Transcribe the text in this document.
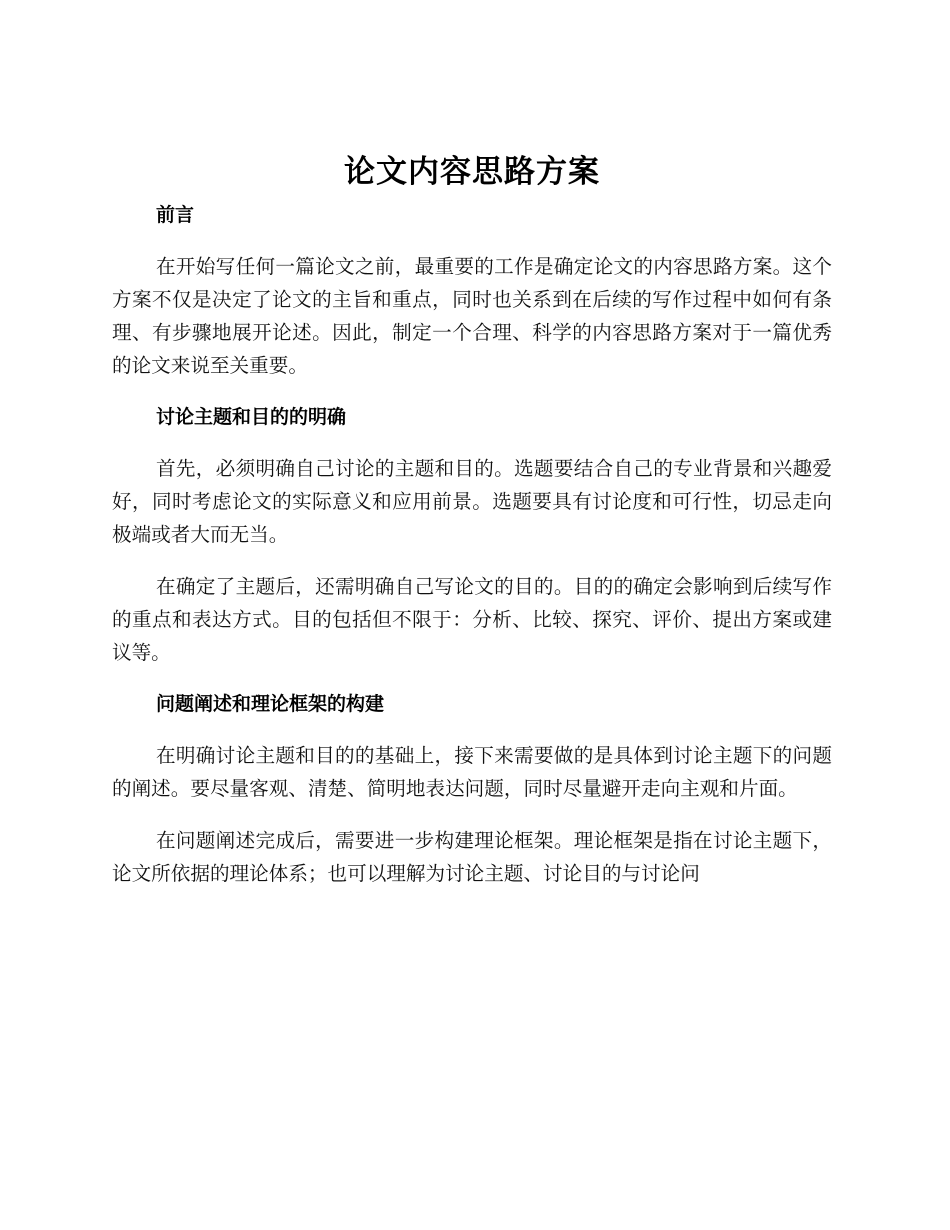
论文内容思路方案
前言

在开始写任何一篇论文之前，最重要的工作是确定论文的内容思路方案。这个方案不仅是决定了论文的主旨和重点，同时也关系到在后续的写作过程中如何有条理、有步骤地展开论述。因此，制定一个合理、科学的内容思路方案对于一篇优秀的论文来说至关重要。

讨论主题和目的的明确

首先，必须明确自己讨论的主题和目的。选题要结合自己的专业背景和兴趣爱好，同时考虑论文的实际意义和应用前景。选题要具有讨论度和可行性，切忌走向极端或者大而无当。

在确定了主题后，还需明确自己写论文的目的。目的的确定会影响到后续写作的重点和表达方式。目的包括但不限于：分析、比较、探究、评价、提出方案或建议等。

问题阐述和理论框架的构建

在明确讨论主题和目的的基础上，接下来需要做的是具体到讨论主题下的问题的阐述。要尽量客观、清楚、简明地表达问题，同时尽量避开走向主观和片面。

在问题阐述完成后，需要进一步构建理论框架。理论框架是指在讨论主题下，论文所依据的理论体系；也可以理解为讨论主题、讨论目的与讨论问
